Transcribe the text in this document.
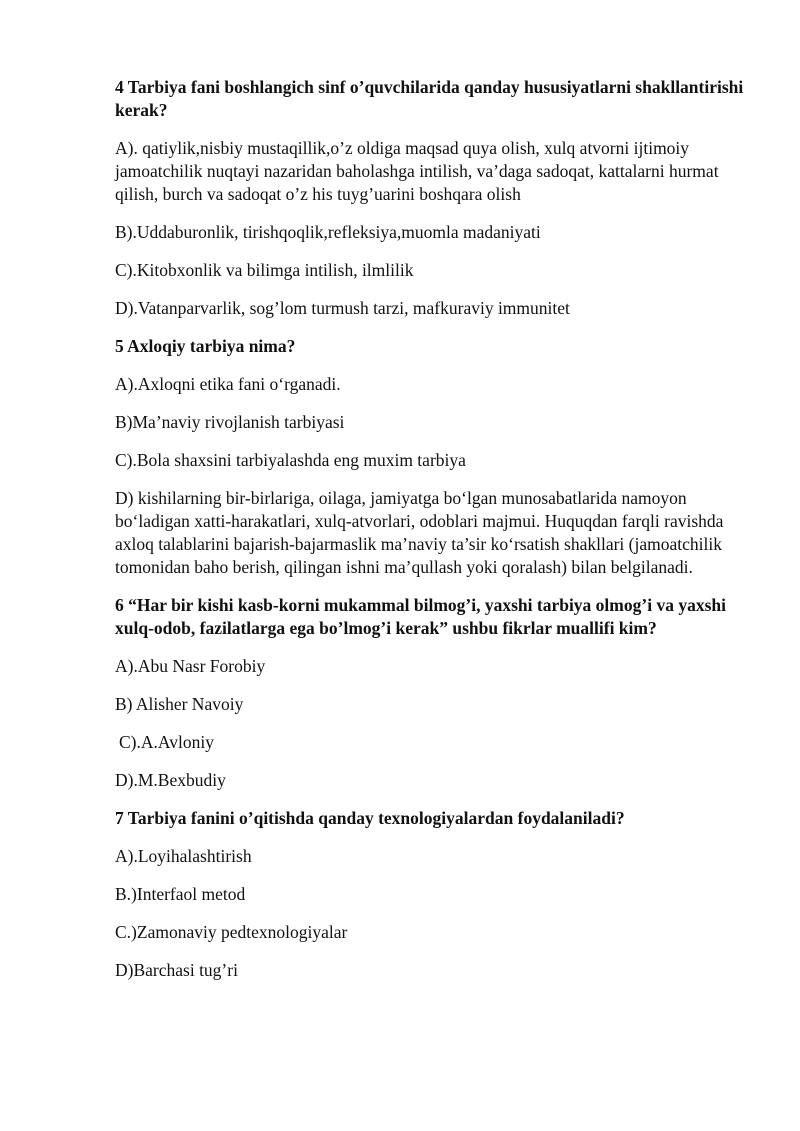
4 Tarbiya fani boshlangich sinf o’quvchilarida qanday hususiyatlarni shakllantirishi kerak?

A). qatiylik,nisbiy mustaqillik,o’z oldiga maqsad quya olish, xulq atvorni ijtimoiy jamoatchilik nuqtayi nazaridan baholashga intilish, va’daga sadoqat, kattalarni hurmat qilish, burch va sadoqat o’z his tuyg’uarini boshqara olish

B).Uddaburonlik, tirishqoqlik,refleksiya,muomla madaniyati

C).Kitobxonlik va bilimga intilish, ilmlilik

D).Vatanparvarlik, sog’lom turmush tarzi, mafkuraviy immunitet

5 Axloqiy tarbiya nima?

A).Axloqni etika fani o‘rganadi.

B)Ma’naviy rivojlanish tarbiyasi

C).Bola shaxsini tarbiyalashda eng muxim tarbiya

D) kishilarning bir-birlariga, oilaga, jamiyatga bo‘lgan munosabatlarida namoyon bo‘ladigan xatti-harakatlari, xulq-atvorlari, odoblari majmui. Huquqdan farqli ravishda axloq talablarini bajarish-bajarmaslik ma’naviy ta’sir ko‘rsatish shakllari (jamoatchilik tomonidan baho berish, qilingan ishni ma’qullash yoki qoralash) bilan belgilanadi.

6 “Har bir kishi kasb-korni mukammal bilmog’i, yaxshi tarbiya olmog’i va yaxshi xulq-odob, fazilatlarga ega bo’lmog’i kerak” ushbu fikrlar muallifi kim?

A).Abu Nasr Forobiy

B) Alisher Navoiy

C).A.Avloniy

D).M.Bexbudiy

7 Tarbiya fanini o’qitishda qanday texnologiyalardan foydalaniladi?

A).Loyihalashtirish

B.)Interfaol metod

C.)Zamonaviy pedtexnologiyalar

D)Barchasi tug’ri
